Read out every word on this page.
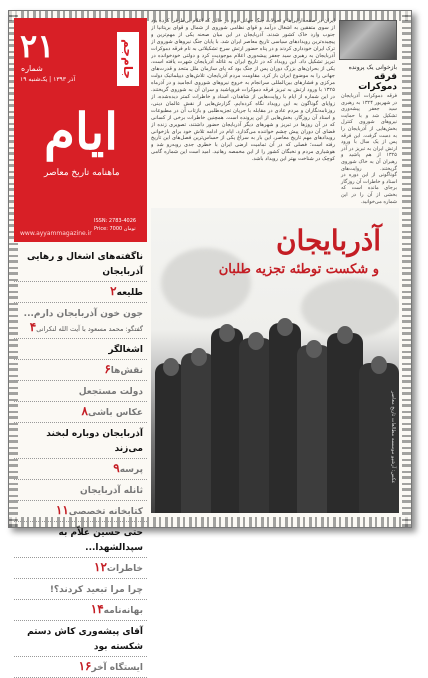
۲۱
شماره
۱۹ آذر ۱۳۹۳ | یک‌شنبه
جام‌جم
ایام
ماهنامه تاریخ معاصر
ISSN: 2783-4026
Price: 7000 تومان
www.ayyammagazine.ir
ناگفته‌های اشغال و رهایی آذربایجان
طلیعه۲
جون خون آذربایجان دارم...
گفتگو: محمد مسعود با آیت الله لنکرانی۴
اشغالگر
نقش‌ها۶
دولت مستجعل
عکاس باشی۸
آذربایجان دوباره لبخند می‌زند
پرسه۹
ثانله آذربایجان
کتابخانه تخصصی۱۱
حتی حسین علاّم به سپدالشهدا...
خاطرات۱۲
چرا مرا تبعید کردند؟!
بهانه‌نامه۱۴
آقای پیشه‌وری کاش دستم شکسته بود
ایستگاه آخر۱۶
ایران در صفحه‌آرایی‌ها و تحولات جنگ جهانی دوم در حالی که اعلام بی‌طرفی کرده بود از سوی متفقین به اشغال درآمد و قوای نظامی شوروی از شمال و قوای بریتانیا از جنوب وارد خاک کشور شدند. آذربایجان در این میان صحنه یکی از مهم‌ترین و پیچیده‌ترین رویدادهای سیاسی تاریخ معاصر ایران شد. با پایان جنگ نیروهای شوروی از ترک ایران خودداری کردند و در پناه حضور ارتش سرخ تشکیلاتی به نام فرقه دموکرات آذربایجان به رهبری سید جعفر پیشه‌وری اعلام موجودیت کرد و دولتی خودخوانده در تبریز تشکیل داد. این رویداد که در تاریخ ایران به غائله آذربایجان شهرت یافته است، یکی از بحران‌های بزرگ دوران پس از جنگ بود که پای سازمان ملل متحد و قدرت‌های جهانی را به موضوع ایران باز کرد. مقاومت مردم آذربایجان، تلاش‌های دیپلماتیک دولت مرکزی و فشارهای بین‌المللی سرانجام به خروج نیروهای شوروی انجامید و در آذرماه ۱۳۲۵ با ورود ارتش به تبریز فرقه دموکرات فروپاشید و سران آن به شوروی گریختند. در این شماره از ایام با روایت‌هایی از شاهدان، اسناد و خاطرات کمتر دیده‌شده، از زوایای گوناگون به این رویداد نگاه کرده‌ایم. گزارش‌هایی از نقش عالمان دینی، روزنامه‌نگاران و مردم عادی در مقابله با جریان تجزیه‌طلبی و بازتاب آن در مطبوعات و اسناد آن روزگار، بخش‌هایی از این پرونده است. همچنین خاطرات برخی از کسانی که در آن روزها در تبریز و شهرهای دیگر آذربایجان حضور داشتند، تصویری زنده از فضای آن دوران پیش چشم خواننده می‌گذارد. ایام در ادامه تلاش خود برای بازخوانی رویدادهای مهم تاریخ معاصر، این بار به سراغ یکی از حساس‌ترین فصل‌های این تاریخ رفته است؛ فصلی که در آن تمامیت ارضی ایران با خطری جدی روبه‌رو شد و هوشیاری مردم و نخبگان کشور را از این مخمصه رهانید. امید است این شماره گامی کوچک در شناخت بهتر این رویداد باشد.
بازخوانی یک پرونده
فرقه دموکرات
فرقه دموکرات آذربایجان در شهریور ۱۳۲۴ به رهبری سید جعفر پیشه‌وری تشکیل شد و با حمایت نیروهای شوروی کنترل بخش‌هایی از آذربایجان را به دست گرفت. این فرقه پس از یک سال با ورود ارتش ایران به تبریز در آذر ۱۳۲۵ از هم پاشید و رهبران آن به خاک شوروی گریختند. روایت‌های گوناگونی از این دوره در اسناد و خاطرات آن روزگار برجای مانده است که بخشی از آن را در این شماره می‌خوانید.
آذربایجان
و شکست توطئه تجزیه طلبان
عکس: آرشیو موسسه مطالعات تاریخ معاصر
